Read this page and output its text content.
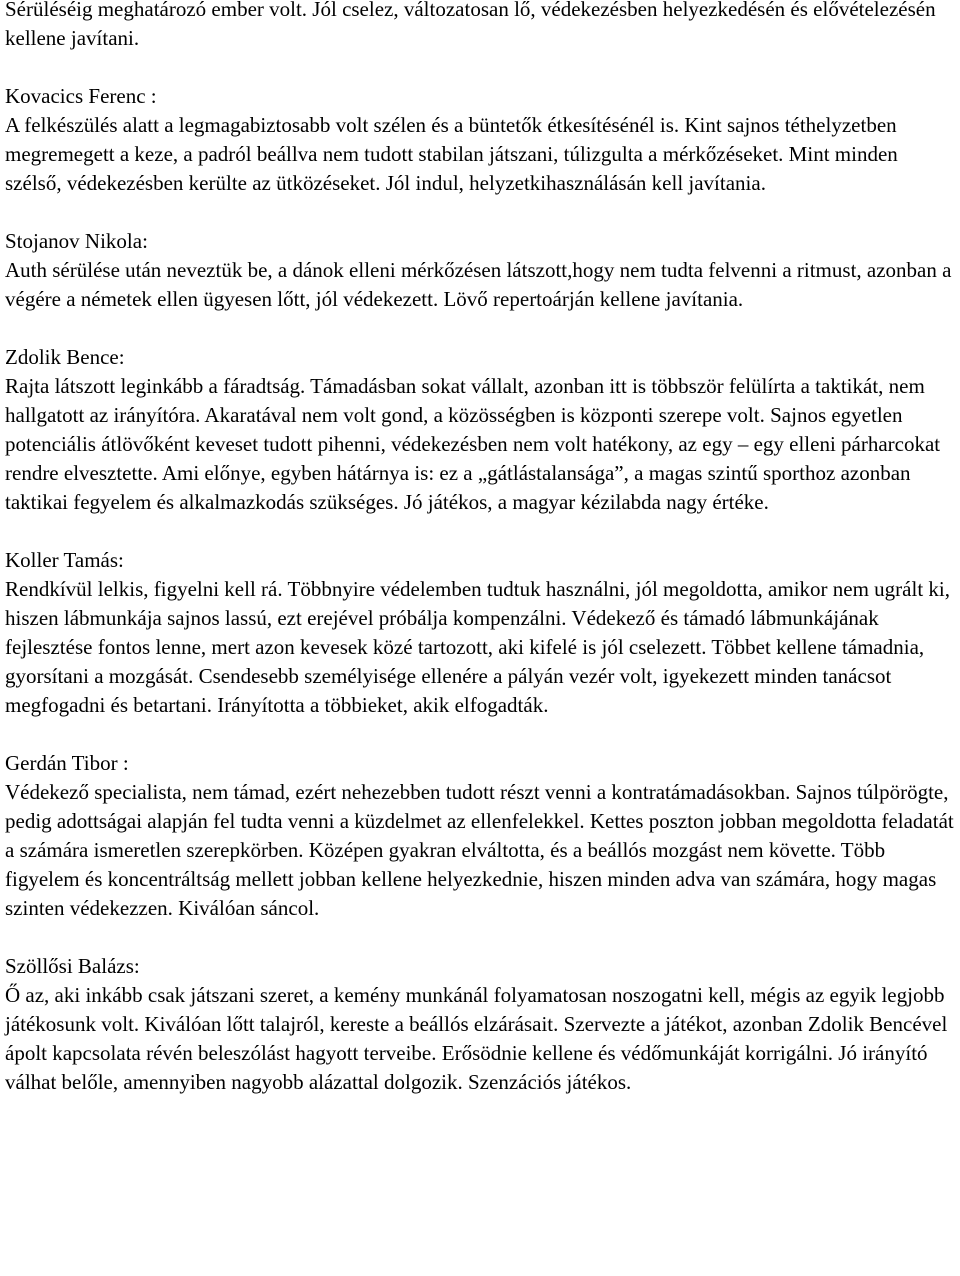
Sérüléséig meghatározó ember volt. Jól cselez, változatosan lő, védekezésben helyezkedésén és elővételezésén kellene javítani.

Kovacics Ferenc :

A felkészülés alatt a legmagabiztosabb volt szélen és a büntetők étkesítésénél is. Kint sajnos téthelyzetben megremegett a keze, a padról beállva nem tudott stabilan játszani, túlizgulta a mérkőzéseket. Mint minden szélső, védekezésben kerülte az ütközéseket. Jól indul, helyzetkihasználásán kell javítania.

Stojanov Nikola:

Auth sérülése után neveztük be, a dánok elleni mérkőzésen látszott,hogy nem tudta felvenni a ritmust, azonban a végére a németek ellen ügyesen lőtt, jól védekezett. Lövő repertoárján kellene javítania.

Zdolik Bence:

Rajta látszott leginkább a fáradtság. Támadásban sokat vállalt, azonban itt is többször felülírta a taktikát, nem hallgatott az irányítóra. Akaratával nem volt gond, a közösségben is központi szerepe volt. Sajnos egyetlen potenciális átlövőként keveset tudott pihenni, védekezésben nem volt hatékony, az egy – egy elleni párharcokat rendre elvesztette. Ami előnye, egyben hátárnya is: ez a „gátlástalansága”, a magas szintű sporthoz azonban taktikai fegyelem és alkalmazkodás szükséges. Jó játékos, a magyar kézilabda nagy értéke.

Koller Tamás:

Rendkívül lelkis, figyelni kell rá. Többnyire védelemben tudtuk használni, jól megoldotta, amikor nem ugrált ki, hiszen lábmunkája sajnos lassú, ezt erejével próbálja kompenzálni. Védekező és támadó lábmunkájának fejlesztése fontos lenne, mert azon kevesek közé tartozott, aki kifelé is jól cselezett. Többet kellene támadnia, gyorsítani a mozgását. Csendesebb személyisége ellenére a pályán vezér volt, igyekezett minden tanácsot megfogadni és betartani. Irányította a többieket, akik elfogadták.

Gerdán Tibor :

Védekező specialista, nem támad, ezért nehezebben tudott részt venni a kontratámadásokban. Sajnos túlpörögte, pedig adottságai alapján fel tudta venni a küzdelmet az ellenfelekkel. Kettes poszton jobban megoldotta feladatát a számára ismeretlen szerepkörben. Középen gyakran elváltotta, és a beállós mozgást nem követte. Több figyelem és koncentráltság mellett jobban kellene helyezkednie, hiszen minden adva van számára, hogy magas szinten védekezzen. Kiválóan sáncol.

Szöllősi Balázs:

Ő az, aki inkább csak játszani szeret, a kemény munkánál folyamatosan noszogatni kell, mégis az egyik legjobb játékosunk volt. Kiválóan lőtt talajról, kereste a beállós elzárásait. Szervezte a játékot, azonban Zdolik Bencével ápolt kapcsolata révén beleszólást hagyott terveibe. Erősödnie kellene és védőmunkáját korrigálni. Jó irányító válhat belőle, amennyiben nagyobb alázattal dolgozik. Szenzációs játékos.
